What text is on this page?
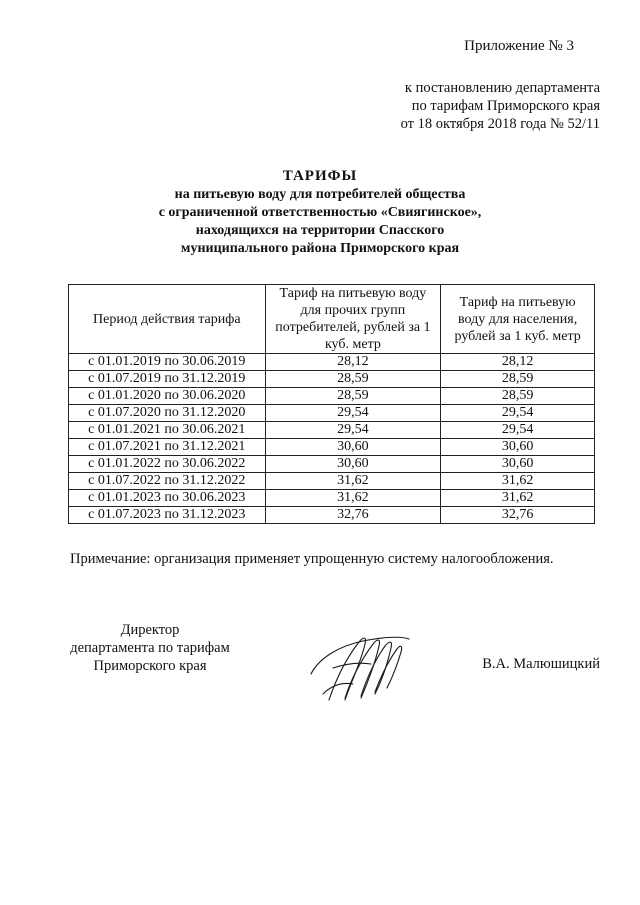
Приложение № 3
к постановлению департамента
по тарифам Приморского края
от 18 октября 2018 года № 52/11
ТАРИФЫ
на питьевую воду для потребителей общества
с ограниченной ответственностью «Свиягинское»,
находящихся на территории Спасского
муниципального района Приморского края
Период действия тарифа	Тариф на питьевую воду для прочих групп потребителей, рублей за 1 куб. метр	Тариф на питьевую воду для населения, рублей за 1 куб. метр
с 01.01.2019 по 30.06.2019	28,12	28,12
с 01.07.2019 по 31.12.2019	28,59	28,59
с 01.01.2020 по 30.06.2020	28,59	28,59
с 01.07.2020 по 31.12.2020	29,54	29,54
с 01.01.2021 по 30.06.2021	29,54	29,54
с 01.07.2021 по 31.12.2021	30,60	30,60
с 01.01.2022 по 30.06.2022	30,60	30,60
с 01.07.2022 по 31.12.2022	31,62	31,62
с 01.01.2023 по 30.06.2023	31,62	31,62
с 01.07.2023 по 31.12.2023	32,76	32,76
Примечание: организация применяет упрощенную систему налогообложения.
Директор
департамента по тарифам
Приморского края	В.А. Малюшицкий
